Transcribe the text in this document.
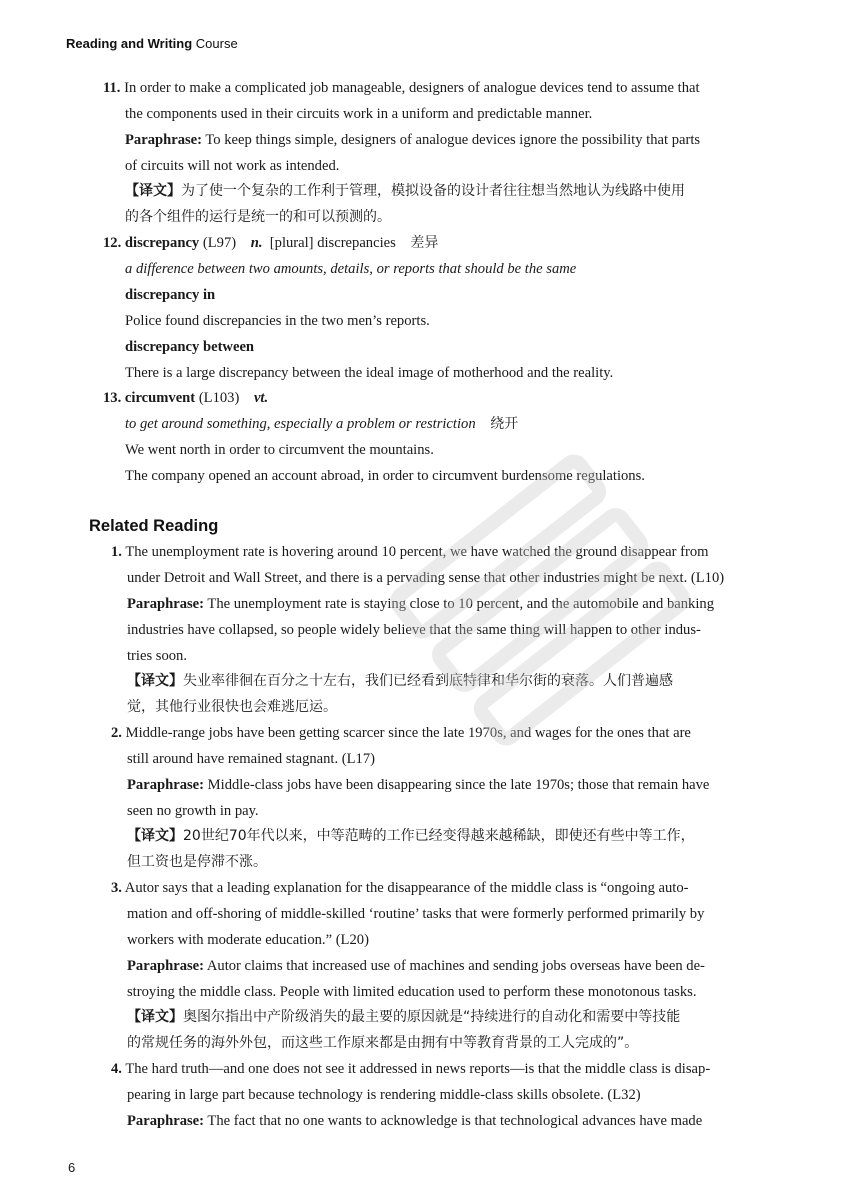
Reading and Writing Course

11. In order to make a complicated job manageable, designers of analogue devices tend to assume that

the components used in their circuits work in a uniform and predictable manner.

Paraphrase: To keep things simple, designers of analogue devices ignore the possibility that parts

of circuits will not work as intended.

【译文】为了使一个复杂的工作利于管理，模拟设备的设计者往往想当然地认为线路中使用

的各个组件的运行是统一的和可以预测的。

12. discrepancy (L97) n. [plural] discrepancies 差异

a difference between two amounts, details, or reports that should be the same

discrepancy in

Police found discrepancies in the two men’s reports.

discrepancy between

There is a large discrepancy between the ideal image of motherhood and the reality.

13. circumvent (L103) vt.

to get around something, especially a problem or restriction 绕开

We went north in order to circumvent the mountains.

The company opened an account abroad, in order to circumvent burdensome regulations.

Related Reading

1. The unemployment rate is hovering around 10 percent, we have watched the ground disappear from

under Detroit and Wall Street, and there is a pervading sense that other industries might be next. (L10)

Paraphrase: The unemployment rate is staying close to 10 percent, and the automobile and banking

industries have collapsed, so people widely believe that the same thing will happen to other indus-

tries soon.

【译文】失业率徘徊在百分之十左右，我们已经看到底特律和华尔街的衰落。人们普遍感

觉，其他行业很快也会难逃厄运。

2. Middle-range jobs have been getting scarcer since the late 1970s, and wages for the ones that are

still around have remained stagnant. (L17)

Paraphrase: Middle-class jobs have been disappearing since the late 1970s; those that remain have

seen no growth in pay.

【译文】20世纪70年代以来，中等范畴的工作已经变得越来越稀缺，即使还有些中等工作，

但工资也是停滞不涨。

3. Autor says that a leading explanation for the disappearance of the middle class is “ongoing auto-

mation and off-shoring of middle-skilled ‘routine’ tasks that were formerly performed primarily by

workers with moderate education.” (L20)

Paraphrase: Autor claims that increased use of machines and sending jobs overseas have been de-

stroying the middle class. People with limited education used to perform these monotonous tasks.

【译文】奥图尔指出中产阶级消失的最主要的原因就是“持续进行的自动化和需要中等技能

的常规任务的海外外包，而这些工作原来都是由拥有中等教育背景的工人完成的”。

4. The hard truth—and one does not see it addressed in news reports—is that the middle class is disap-

pearing in large part because technology is rendering middle-class skills obsolete. (L32)

Paraphrase: The fact that no one wants to acknowledge is that technological advances have made

6
